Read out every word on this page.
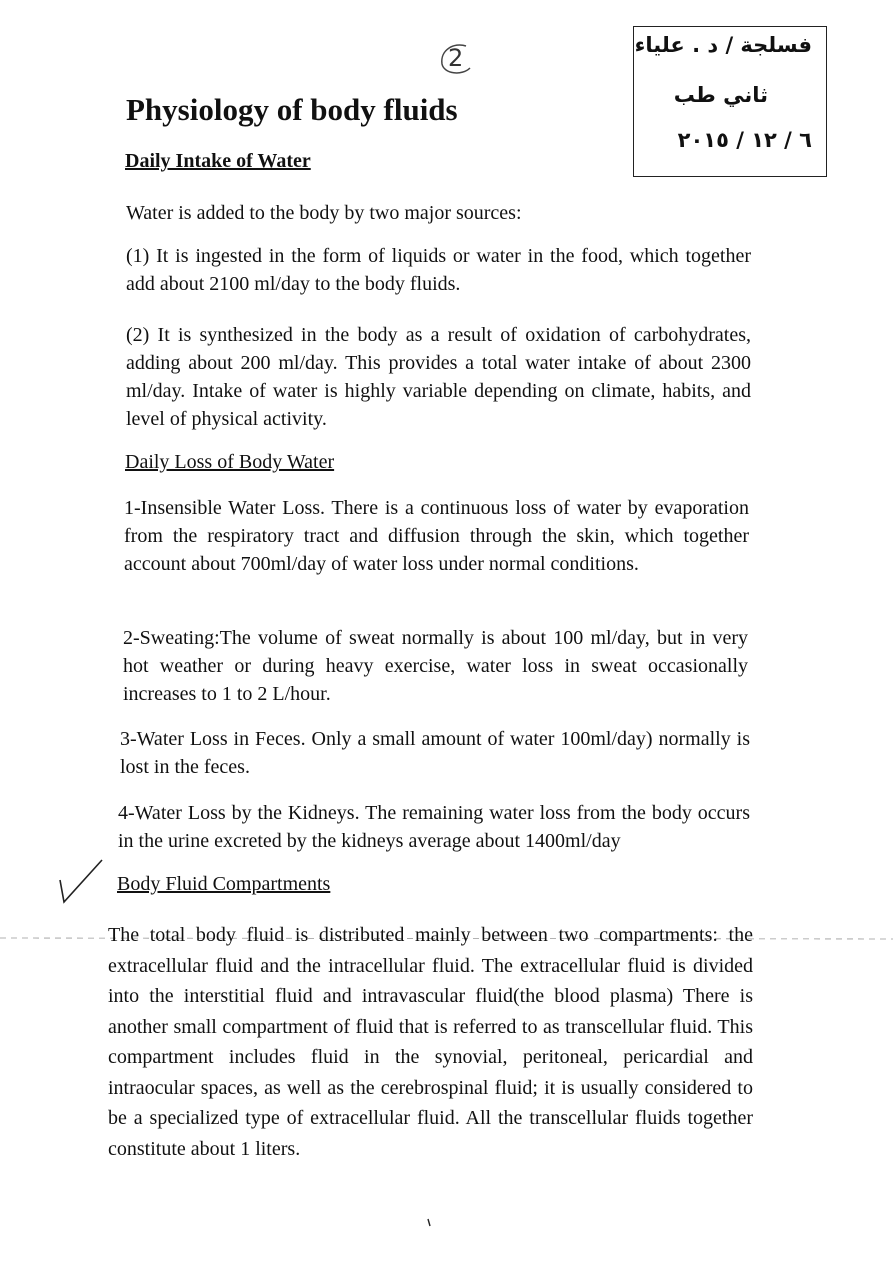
2	فسلجة / د . علياء
ثاني طب
٦ / ١٢ / ٢٠١٥
Physiology of body fluids
Daily Intake of Water

Water is added to the body by two major sources:

(1) It is ingested in the form of liquids or water in the food, which together add about 2100 ml/day to the body fluids.

(2) It is synthesized in the body as a result of oxidation of carbohydrates, adding about 200 ml/day. This provides a total water intake of about 2300 ml/day. Intake of water is highly variable depending on climate, habits, and level of physical activity.

Daily Loss of Body Water

1-Insensible Water Loss. There is a continuous loss of water by evaporation from the respiratory tract and diffusion through the skin, which together account about 700ml/day of water loss under normal conditions.

2-Sweating:The volume of sweat normally is about 100 ml/day, but in very hot weather or during heavy exercise, water loss in sweat occasionally increases to 1 to 2 L/hour.

3-Water Loss in Feces. Only a small amount of water 100ml/day) normally is lost in the feces.

4-Water Loss by the Kidneys. The remaining water loss from the body occurs in the urine excreted by the kidneys average about 1400ml/day

Body Fluid Compartments

The total body fluid is distributed mainly between two compartments: the extracellular fluid and the intracellular fluid. The extracellular fluid is divided into the interstitial fluid and intravascular fluid(the blood plasma) There is another small compartment of fluid that is referred to as transcellular fluid. This compartment includes fluid in the synovial, peritoneal, pericardial and intraocular spaces, as well as the cerebrospinal fluid; it is usually considered to be a specialized type of extracellular fluid. All the transcellular fluids together constitute about 1 liters.
